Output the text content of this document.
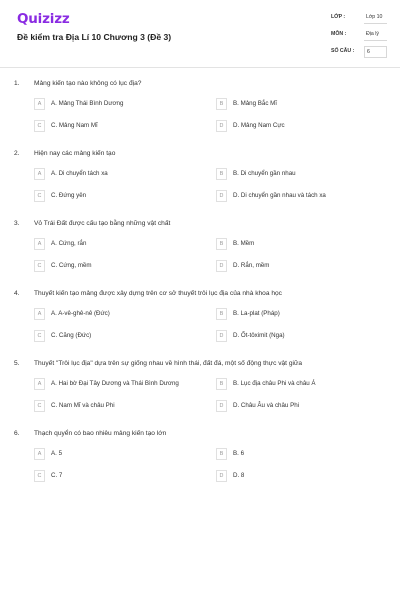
Quizizz
Đề kiểm tra Địa Lí 10 Chương 3 (Đề 3)
LỚP :	Lớp 10
MÔN :	Địa lý
SỐ CÂU :	6
1. Mảng kiến tạo nào không có lục địa?
A	A. Mảng Thái Bình Dương	B	B. Mảng Bắc Mĩ
C	C. Mảng Nam Mĩ	D	D. Mảng Nam Cực
2. Hiện nay các mảng kiến tạo
A	A. Di chuyển tách xa	B	B. Di chuyển gần nhau
C	C. Đứng yên	D	D. Di chuyển gần nhau và tách xa
3. Vỏ Trái Đất được cấu tạo bằng những vật chất
A	A. Cứng, rắn	B	B. Mềm
C	C. Cứng, mềm	D	D. Rắn, mềm
4. Thuyết kiến tạo mảng được xây dựng trên cơ sở thuyết trôi lục địa của nhà khoa học
A	A. A-vê-ghê-nê (Đức)	B	B. La-plat (Pháp)
C	C. Căng (Đức)	D	D. Ốt-tôximit (Nga)
5. Thuyết "Trôi lục địa" dựa trên sự giống nhau về hình thái, đất đá, một số động thực vật giữa
A	A. Hai bờ Đại Tây Dương và Thái Bình Dương	B	B. Lục địa châu Phi và châu Á
C	C. Nam Mĩ và châu Phi	D	D. Châu Âu và châu Phi
6. Thạch quyển có bao nhiêu mảng kiến tạo lớn
A	A. 5	B	B. 6
C	C. 7	D	D. 8
